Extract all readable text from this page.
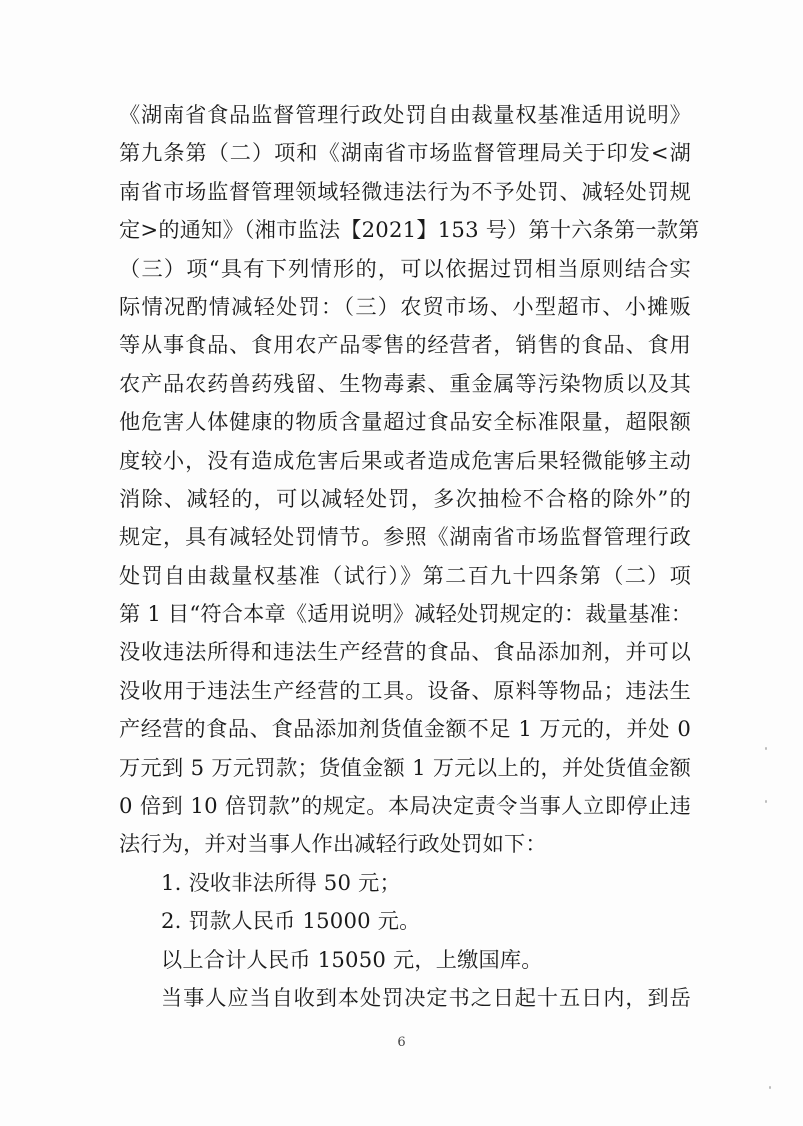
《湖南省食品监督管理行政处罚自由裁量权基准适用说明》
第九条第（二）项和《湖南省市场监督管理局关于印发<湖
南省市场监督管理领域轻微违法行为不予处罚、减轻处罚规
定>的通知》（湘市监法【2021】153 号）第十六条第一款第
（三）项“具有下列情形的，可以依据过罚相当原则结合实
际情况酌情减轻处罚：（三）农贸市场、小型超市、小摊贩
等从事食品、食用农产品零售的经营者，销售的食品、食用
农产品农药兽药残留、生物毒素、重金属等污染物质以及其
他危害人体健康的物质含量超过食品安全标准限量，超限额
度较小，没有造成危害后果或者造成危害后果轻微能够主动
消除、减轻的，可以减轻处罚，多次抽检不合格的除外”的
规定，具有减轻处罚情节。参照《湖南省市场监督管理行政
处罚自由裁量权基准（试行）》第二百九十四条第（二）项
第 1 目“符合本章《适用说明》减轻处罚规定的：裁量基准：
没收违法所得和违法生产经营的食品、食品添加剂，并可以
没收用于违法生产经营的工具。设备、原料等物品；违法生
产经营的食品、食品添加剂货值金额不足 1 万元的，并处 0
万元到 5 万元罚款；货值金额 1 万元以上的，并处货值金额
0 倍到 10 倍罚款”的规定。本局决定责令当事人立即停止违
法行为，并对当事人作出减轻行政处罚如下：
1. 没收非法所得 50 元；
2. 罚款人民币 15000 元。
以上合计人民币 15050 元，上缴国库。
当事人应当自收到本处罚决定书之日起十五日内，到岳
6
